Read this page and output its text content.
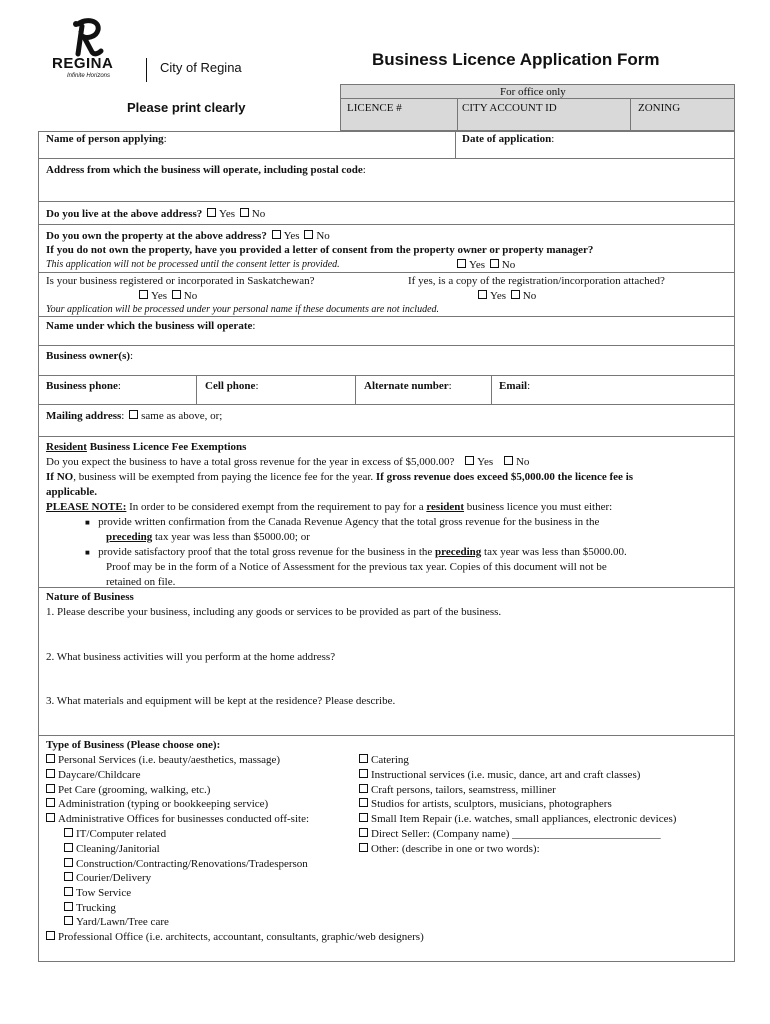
REGINA
Infinite Horizons
City of Regina	Business Licence Application Form
Please print clearly
For office only
LICENCE #	CITY ACCOUNT ID	ZONING
Name of person applying:	Date of application:
Address from which the business will operate, including postal code:
Do you live at the above address? Yes No
Do you own the property at the above address? Yes No
If you do not own the property, have you provided a letter of consent from the property owner or property manager?
This application will not be processed until the consent letter is provided.	Yes No
Is your business registered or incorporated in Saskatchewan?	If yes, is a copy of the registration/incorporation attached?
Yes No	Yes No
Your application will be processed under your personal name if these documents are not included.
Name under which the business will operate:
Business owner(s):
Business phone:	Cell phone:	Alternate number:	Email:
Mailing address: same as above, or;
Resident Business Licence Fee Exemptions
Do you expect the business to have a total gross revenue for the year in excess of $5,000.00? Yes No
If NO, business will be exempted from paying the licence fee for the year. If gross revenue does exceed $5,000.00 the licence fee is
applicable.
PLEASE NOTE: In order to be considered exempt from the requirement to pay for a resident business licence you must either:
■ provide written confirmation from the Canada Revenue Agency that the total gross revenue for the business in the
preceding tax year was less than $5000.00; or
■ provide satisfactory proof that the total gross revenue for the business in the preceding tax year was less than $5000.00.
Proof may be in the form of a Notice of Assessment for the previous tax year. Copies of this document will not be
retained on file.
Nature of Business
1. Please describe your business, including any goods or services to be provided as part of the business.
2. What business activities will you perform at the home address?
3. What materials and equipment will be kept at the residence? Please describe.
Type of Business (Please choose one):
Personal Services (i.e. beauty/aesthetics, massage)
Daycare/Childcare
Pet Care (grooming, walking, etc.)
Administration (typing or bookkeeping service)
Administrative Offices for businesses conducted off-site:
IT/Computer related
Cleaning/Janitorial
Construction/Contracting/Renovations/Tradesperson
Courier/Delivery
Tow Service
Trucking
Yard/Lawn/Tree care
Professional Office (i.e. architects, accountant, consultants, graphic/web designers)
Catering
Instructional services (i.e. music, dance, art and craft classes)
Craft persons, tailors, seamstress, milliner
Studios for artists, sculptors, musicians, photographers
Small Item Repair (i.e. watches, small appliances, electronic devices)
Direct Seller: (Company name) ___________________________
Other: (describe in one or two words):
